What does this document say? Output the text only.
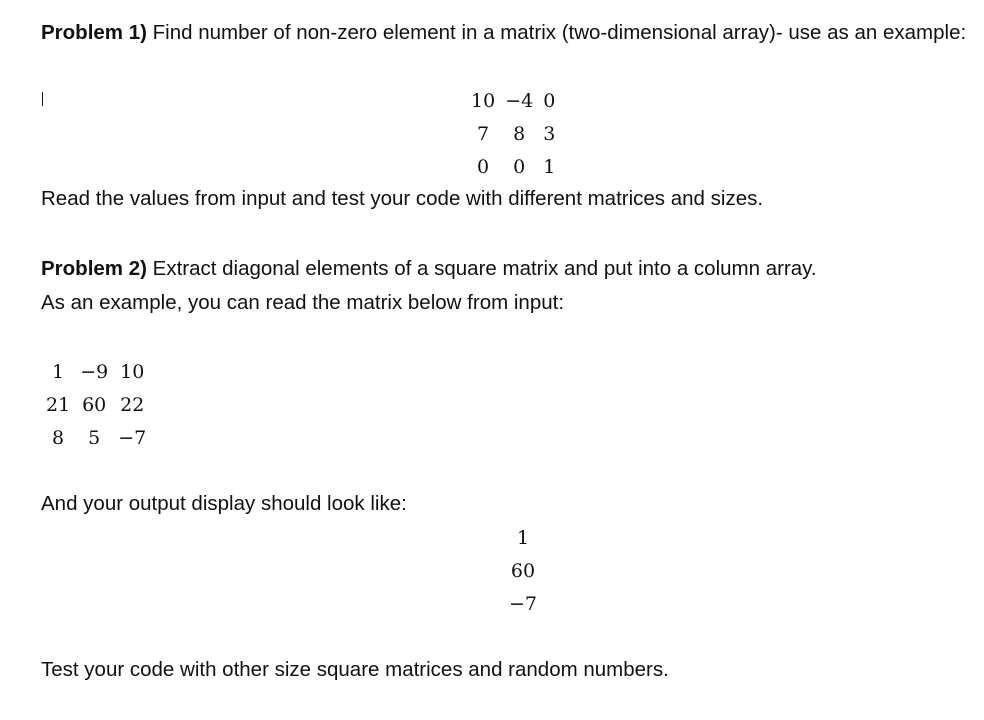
Problem 1) Find number of non-zero element in a matrix (two-dimensional array)- use as an example:
10	−4	0
7	8	3
0	0	1
Read the values from input and test your code with different matrices and sizes.
Problem 2) Extract diagonal elements of a square matrix and put into a column array.
As an example, you can read the matrix below from input:
1	−9	10
21	60	22
8	5	−7
And your output display should look like:
1
60
−7
Test your code with other size square matrices and random numbers.
